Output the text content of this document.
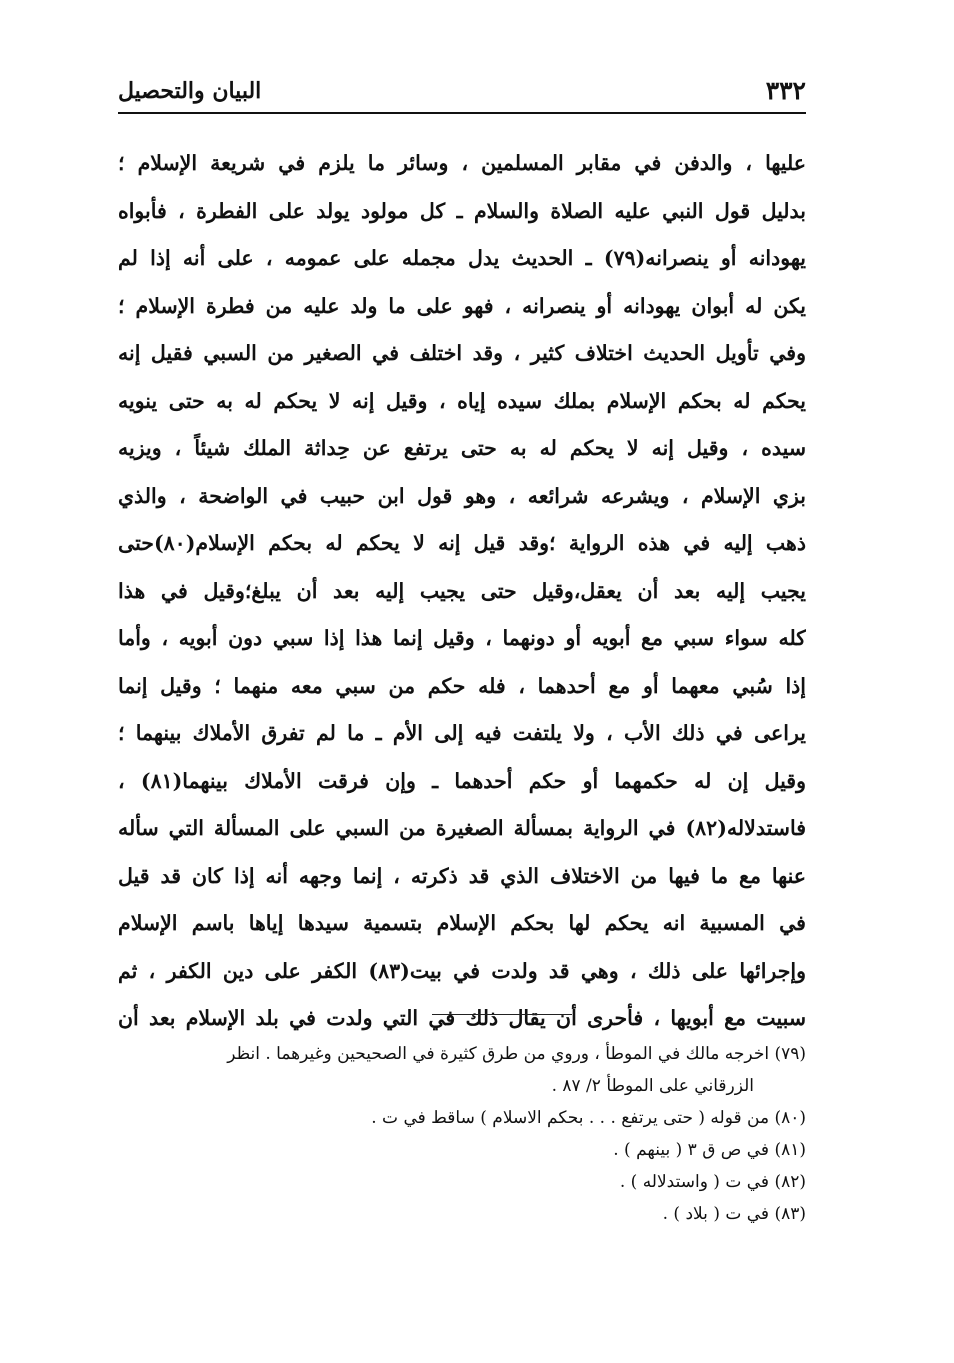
٣٣٢
البيان والتحصيل
عليها ، والدفن في مقابر المسلمين ، وسائر ما يلزم في شريعة الإسلام ؛
بدليل قول النبي عليه الصلاة والسلام ـ كل مولود يولد على الفطرة ، فأبواه
يهودانه أو ينصرانه(٧٩) ـ الحديث يدل مجمله على عمومه ، على أنه إذا لم
يكن له أبوان يهودانه أو ينصرانه ، فهو على ما ولد عليه من فطرة الإسلام ؛
وفي تأويل الحديث اختلاف كثير ، وقد اختلف في الصغير من السبي فقيل إنه
يحكم له بحكم الإسلام بملك سيده إياه ، وقيل إنه لا يحكم له به حتى ينويه
سيده ، وقيل إنه لا يحكم له به حتى يرتفع عن حِداثة الملك شيئاً ، ويزيه
بزي الإسلام ، ويشرعه شرائعه ، وهو قول ابن حبيب في الواضحة ، والذي
ذهب إليه في هذه الرواية ؛وقد قيل إنه لا يحكم له بحكم الإسلام(٨٠)حتى
يجيب إليه بعد أن يعقل،وقيل حتى يجيب إليه بعد أن يبلغ؛وقيل في هذا
كله سواء سبي مع أبويه أو دونهما ، وقيل إنما هذا إذا سبي دون أبويه ، وأما
إذا سُبي معهما أو مع أحدهما ، فله حكم من سبي معه منهما ؛ وقيل إنما
يراعى في ذلك الأب ، ولا يلتفت فيه إلى الأم ـ ما لم تفرق الأملاك بينهما ؛
وقيل إن له حكمهما أو حكم أحدهما ـ وإن فرقت الأملاك بينهما(٨١) ،
فاستدلاله(٨٢) في الرواية بمسألة الصغيرة من السبي على المسألة التي سأله
عنها مع ما فيها من الاختلاف الذي قد ذكرته ، إنما وجهه أنه إذا كان قد قيل
في المسبية انه يحكم لها بحكم الإسلام بتسمية سيدها إياها باسم الإسلام
وإجرائها على ذلك ، وهي قد ولدت في بيت(٨٣) الكفر على دين الكفر ، ثم
سبيت مع أبويها ، فأحرى أن يقال ذلك في التي ولدت في بلد الإسلام بعد أن
(٧٩) اخرجه مالك في الموطأ ، وروي من طرق كثيرة في الصحيحين وغيرهما . انظر
الزرقاني على الموطأ ٢/ ٨٧ .
(٨٠) من قوله ( حتى يرتفع . . . بحكم الاسلام ) ساقط في ت .
(٨١) في ص ق ٣ ( بينهم ) .
(٨٢) في ت ( واستدلاله ) .
(٨٣) في ت ( بلاد ) .
